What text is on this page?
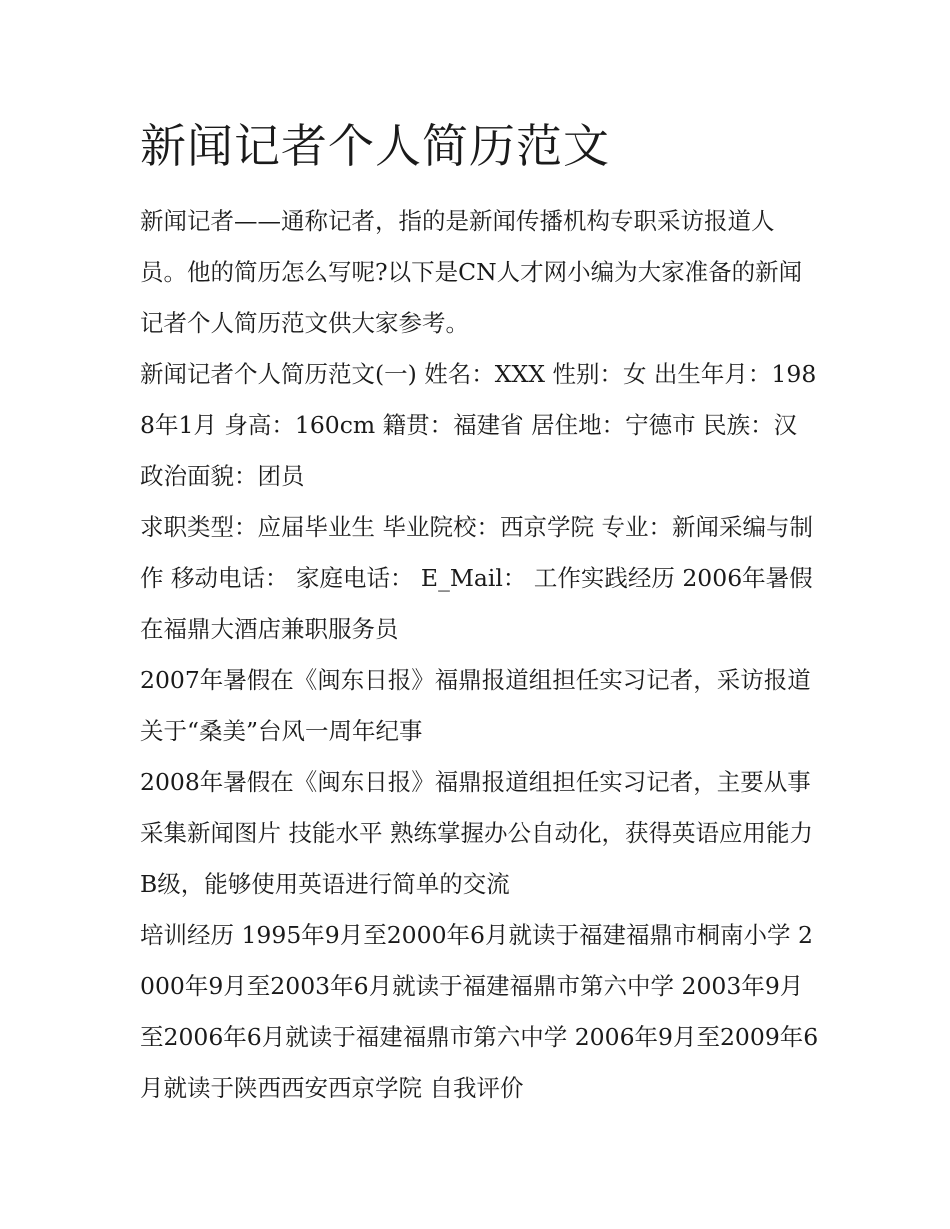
新闻记者个人简历范文

新闻记者——通称记者，指的是新闻传播机构专职采访报道人员。他的简历怎么写呢?以下是CN人才网小编为大家准备的新闻记者个人简历范文供大家参考。

新闻记者个人简历范文(一) 姓名：XXX 性别：女 出生年月：1988年1月 身高：160cm 籍贯：福建省 居住地：宁德市 民族：汉 政治面貌：团员

求职类型：应届毕业生 毕业院校：西京学院 专业：新闻采编与制作 移动电话： 家庭电话： E_Mail： 工作实践经历 2006年暑假在福鼎大酒店兼职服务员

2007年暑假在《闽东日报》福鼎报道组担任实习记者，采访报道关于“桑美”台风一周年纪事

2008年暑假在《闽东日报》福鼎报道组担任实习记者，主要从事采集新闻图片 技能水平 熟练掌握办公自动化，获得英语应用能力B级，能够使用英语进行简单的交流

培训经历 1995年9月至2000年6月就读于福建福鼎市桐南小学 2000年9月至2003年6月就读于福建福鼎市第六中学 2003年9月至2006年6月就读于福建福鼎市第六中学 2006年9月至2009年6月就读于陕西西安西京学院 自我评价
